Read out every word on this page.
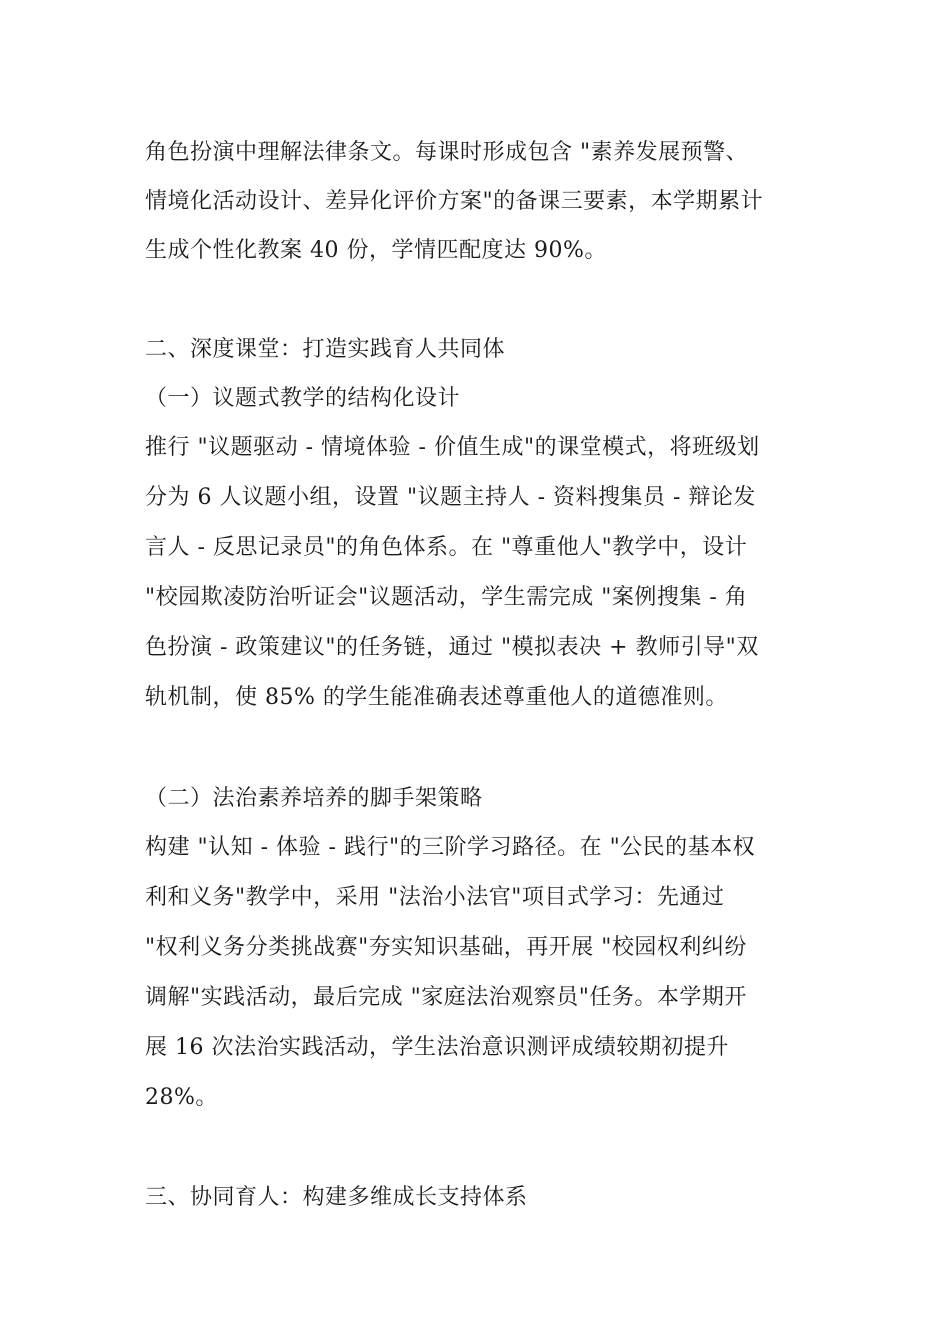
角色扮演中理解法律条文。每课时形成包含 "素养发展预警、
情境化活动设计、差异化评价方案"的备课三要素，本学期累计
生成个性化教案 40 份，学情匹配度达 90%。
二、深度课堂：打造实践育人共同体
（一）议题式教学的结构化设计
推行 "议题驱动 - 情境体验 - 价值生成"的课堂模式，将班级划
分为 6 人议题小组，设置 "议题主持人 - 资料搜集员 - 辩论发
言人 - 反思记录员"的角色体系。在 "尊重他人"教学中，设计
"校园欺凌防治听证会"议题活动，学生需完成 "案例搜集 - 角
色扮演 - 政策建议"的任务链，通过 "模拟表决 + 教师引导"双
轨机制，使 85% 的学生能准确表述尊重他人的道德准则。
（二）法治素养培养的脚手架策略
构建 "认知 - 体验 - 践行"的三阶学习路径。在 "公民的基本权
利和义务"教学中，采用 "法治小法官"项目式学习：先通过
"权利义务分类挑战赛"夯实知识基础，再开展 "校园权利纠纷
调解"实践活动，最后完成 "家庭法治观察员"任务。本学期开
展 16 次法治实践活动，学生法治意识测评成绩较期初提升
28%。
三、协同育人：构建多维成长支持体系
